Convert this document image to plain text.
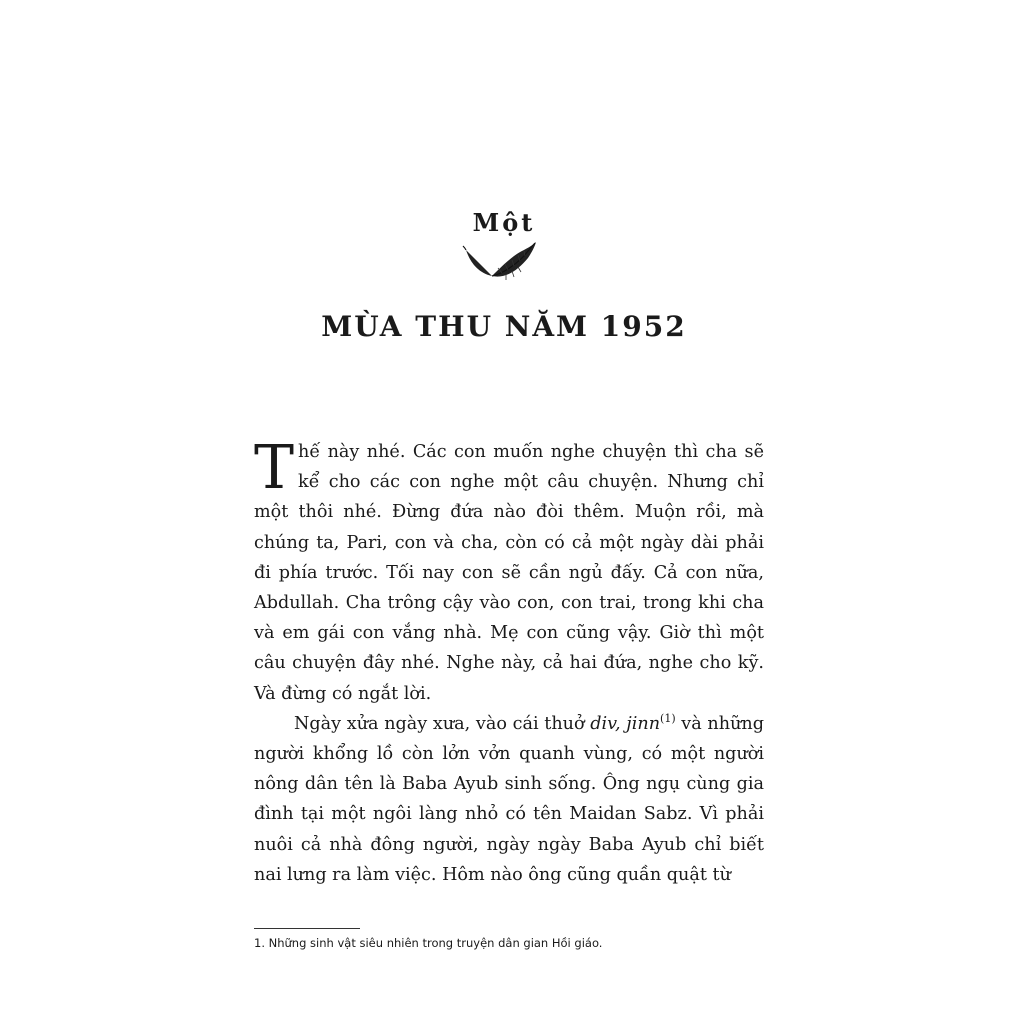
Một
MÙA THU NĂM 1952

Thế này nhé. Các con muốn nghe chuyện thì cha sẽ kể cho các con nghe một câu chuyện. Nhưng chỉ một thôi nhé. Đừng đứa nào đòi thêm. Muộn rồi, mà chúng ta, Pari, con và cha, còn có cả một ngày dài phải đi phía trước. Tối nay con sẽ cần ngủ đấy. Cả con nữa, Abdullah. Cha trông cậy vào con, con trai, trong khi cha và em gái con vắng nhà. Mẹ con cũng vậy. Giờ thì một câu chuyện đây nhé. Nghe này, cả hai đứa, nghe cho kỹ. Và đừng có ngắt lời.

Ngày xửa ngày xưa, vào cái thuở div, jinn$^{(1)}$ và những người khổng lồ còn lởn vởn quanh vùng, có một người nông dân tên là Baba Ayub sinh sống. Ông ngụ cùng gia đình tại một ngôi làng nhỏ có tên Maidan Sabz. Vì phải nuôi cả nhà đông người, ngày ngày Baba Ayub chỉ biết nai lưng ra làm việc. Hôm nào ông cũng quần quật từ

1. Những sinh vật siêu nhiên trong truyện dân gian Hồi giáo.
